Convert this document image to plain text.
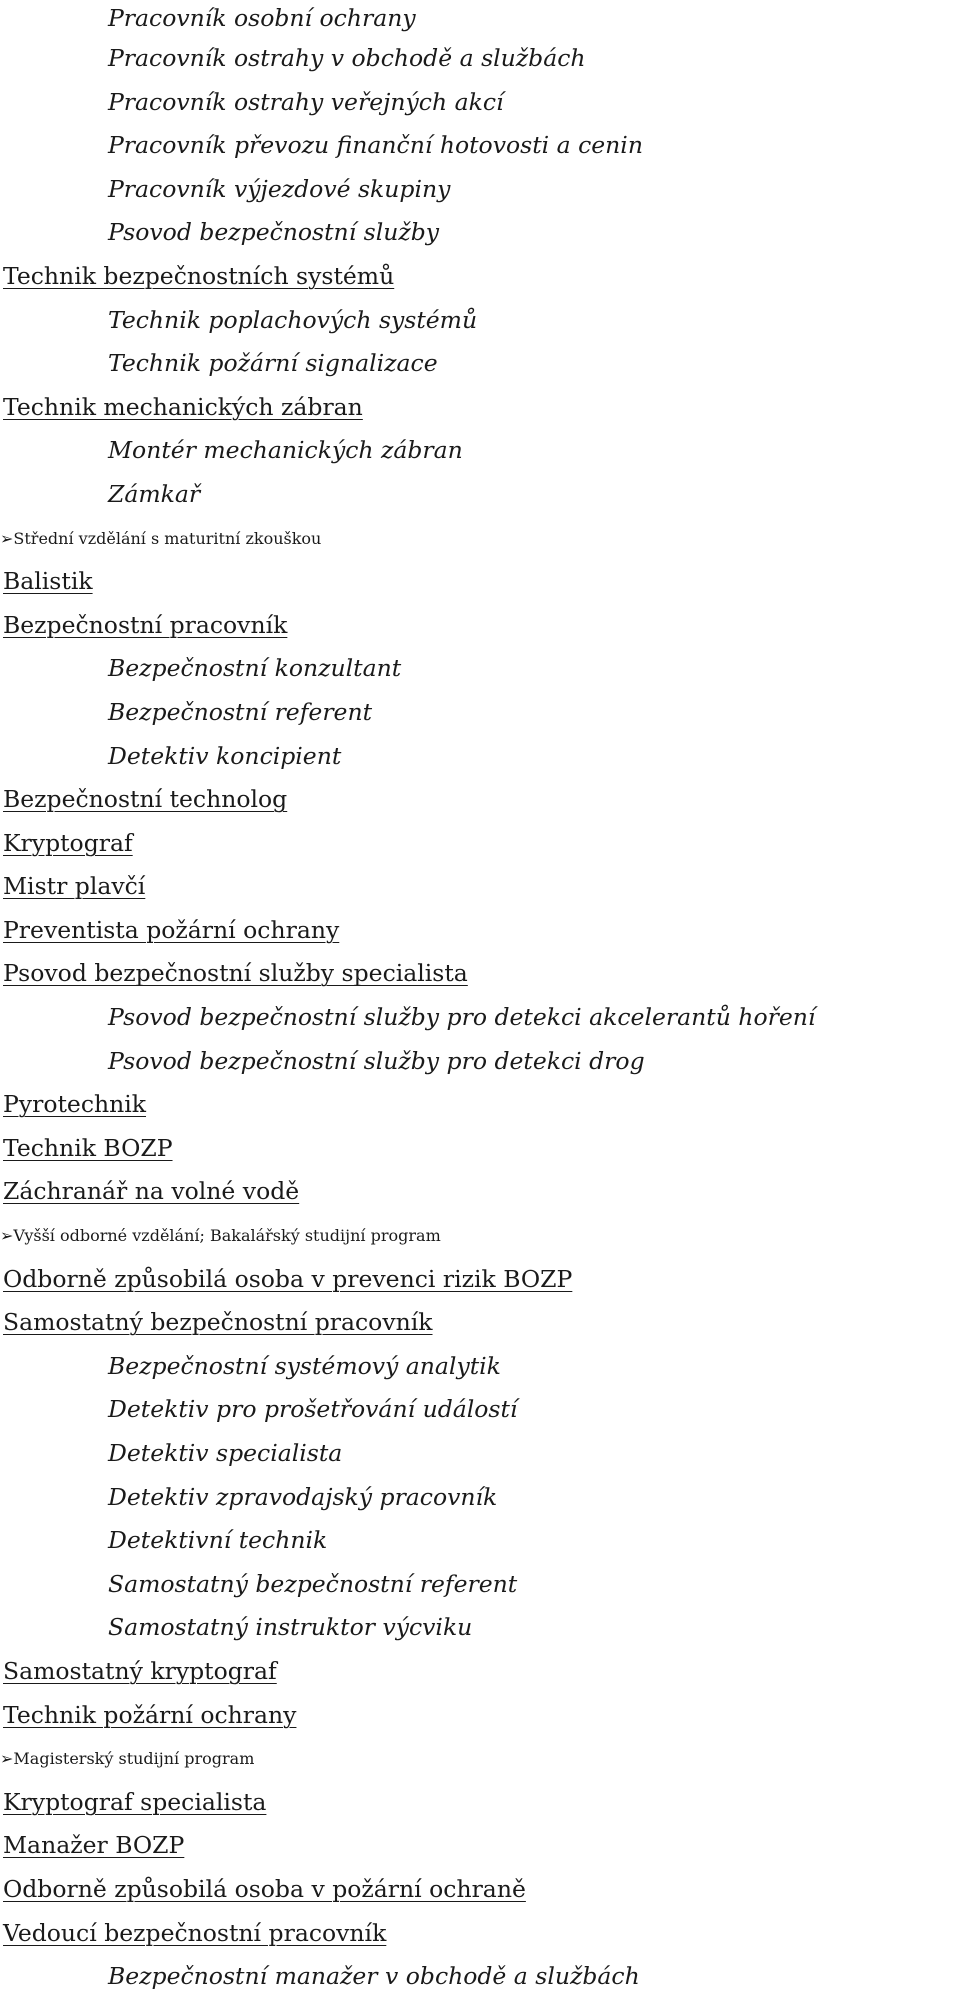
Pracovník osobní ochrany
Pracovník ostrahy v obchodě a službách
Pracovník ostrahy veřejných akcí
Pracovník převozu finanční hotovosti a cenin
Pracovník výjezdové skupiny
Psovod bezpečnostní služby
Technik bezpečnostních systémů
Technik poplachových systémů
Technik požární signalizace
Technik mechanických zábran
Montér mechanických zábran
Zámkař
➢Střední vzdělání s maturitní zkouškou
Balistik
Bezpečnostní pracovník
Bezpečnostní konzultant
Bezpečnostní referent
Detektiv koncipient
Bezpečnostní technolog
Kryptograf
Mistr plavčí
Preventista požární ochrany
Psovod bezpečnostní služby specialista
Psovod bezpečnostní služby pro detekci akcelerantů hoření
Psovod bezpečnostní služby pro detekci drog
Pyrotechnik
Technik BOZP
Záchranář na volné vodě
➢Vyšší odborné vzdělání; Bakalářský studijní program
Odborně způsobilá osoba v prevenci rizik BOZP
Samostatný bezpečnostní pracovník
Bezpečnostní systémový analytik
Detektiv pro prošetřování událostí
Detektiv specialista
Detektiv zpravodajský pracovník
Detektivní technik
Samostatný bezpečnostní referent
Samostatný instruktor výcviku
Samostatný kryptograf
Technik požární ochrany
➢Magisterský studijní program
Kryptograf specialista
Manažer BOZP
Odborně způsobilá osoba v požární ochraně
Vedoucí bezpečnostní pracovník
Bezpečnostní manažer v obchodě a službách
